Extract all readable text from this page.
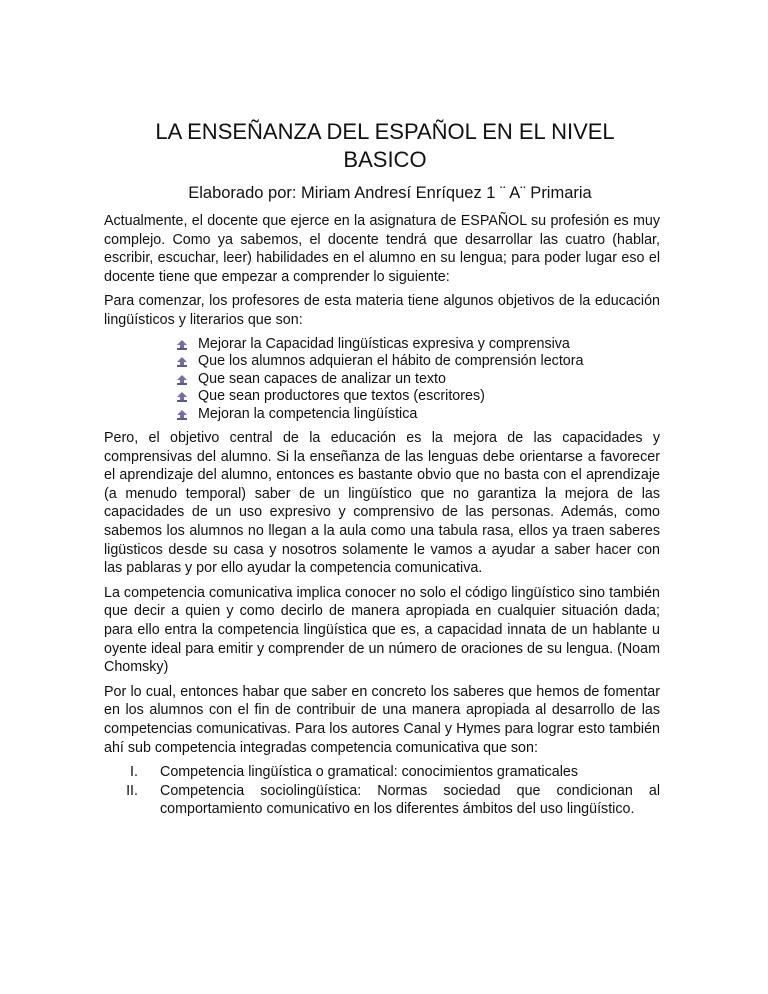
LA ENSEÑANZA DEL ESPAÑOL EN EL NIVEL
BASICO
Elaborado por: Miriam Andresí Enríquez 1 ¨ A¨ Primaria

Actualmente, el docente que ejerce en la asignatura de ESPAÑOL su profesión es muy complejo. Como ya sabemos, el docente tendrá que desarrollar las cuatro (hablar, escribir, escuchar, leer) habilidades en el alumno en su lengua; para poder lugar eso el docente tiene que empezar a comprender lo siguiente:

Para comenzar, los profesores de esta materia tiene algunos objetivos de la educación lingüísticos y literarios que son:

Mejorar la Capacidad lingüísticas expresiva y comprensiva
Que los alumnos adquieran el hábito de comprensión lectora
Que sean capaces de analizar un texto
Que sean productores que textos (escritores)
Mejoran la competencia lingüística

Pero, el objetivo central de la educación es la mejora de las capacidades y comprensivas del alumno. Si la enseñanza de las lenguas debe orientarse a favorecer el aprendizaje del alumno, entonces es bastante obvio que no basta con el aprendizaje (a menudo temporal) saber de un lingüístico que no garantiza la mejora de las capacidades de un uso expresivo y comprensivo de las personas. Además, como sabemos los alumnos no llegan a la aula como una tabula rasa, ellos ya traen saberes ligüsticos desde su casa y nosotros solamente le vamos a ayudar a saber hacer con las pablaras y por ello ayudar la competencia comunicativa.

La competencia comunicativa implica conocer no solo el código lingüístico sino también que decir a quien y como decirlo de manera apropiada en cualquier situación dada; para ello entra la competencia lingüística que es, a capacidad innata de un hablante u oyente ideal para emitir y comprender de un número de oraciones de su lengua. (Noam Chomsky)

Por lo cual, entonces habar que saber en concreto los saberes que hemos de fomentar en los alumnos con el fin de contribuir de una manera apropiada al desarrollo de las competencias comunicativas. Para los autores Canal y Hymes para lograr esto también ahí sub competencia integradas competencia comunicativa que son:

I. Competencia lingüística o gramatical: conocimientos gramaticales
II. Competencia sociolingüística: Normas sociedad que condicionan al comportamiento comunicativo en los diferentes ámbitos del uso lingüístico.
